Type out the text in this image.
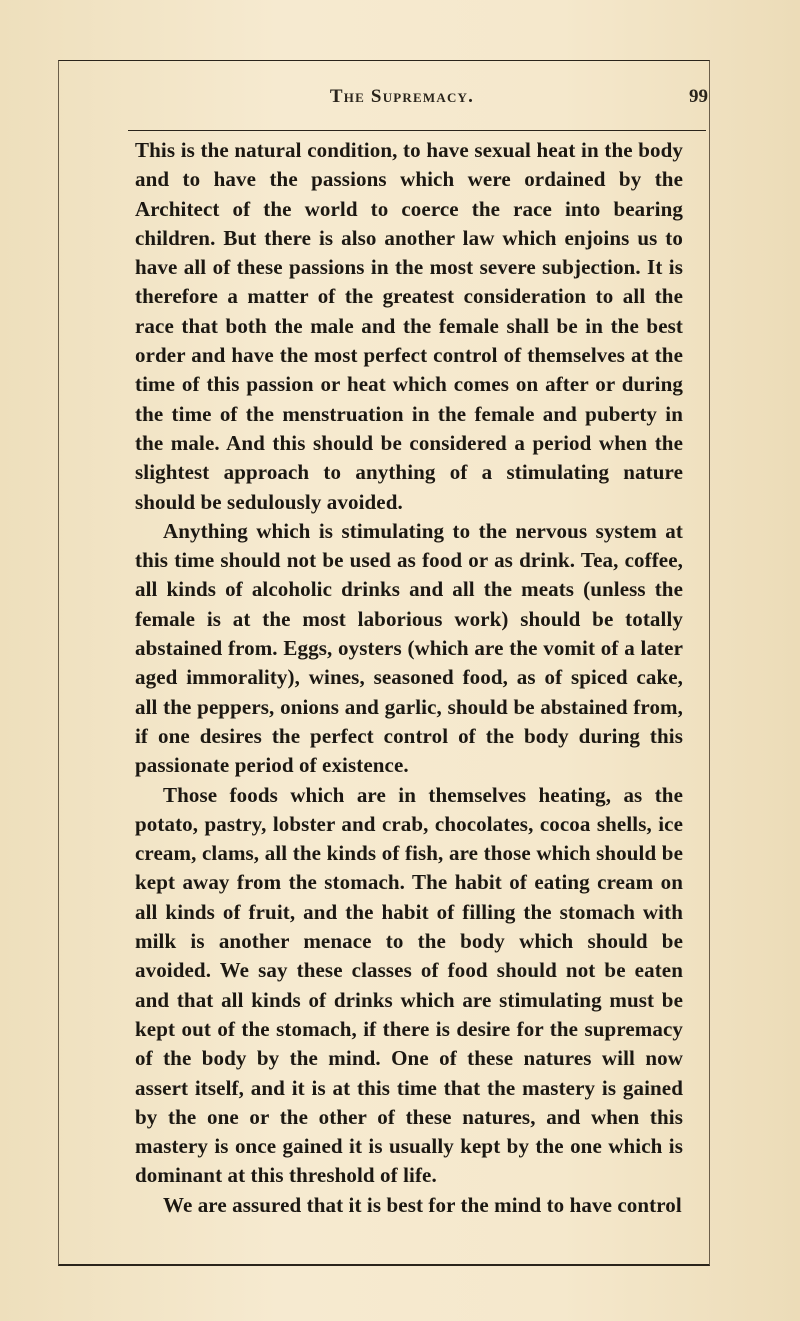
The Supremacy.	99

This is the natural condition, to have sexual heat in the body and to have the passions which were ordained by the Architect of the world to coerce the race into bearing children. But there is also another law which enjoins us to have all of these passions in the most severe subjection. It is therefore a matter of the greatest consideration to all the race that both the male and the female shall be in the best order and have the most perfect control of themselves at the time of this passion or heat which comes on after or during the time of the menstruation in the female and puberty in the male. And this should be considered a period when the slightest approach to anything of a stimulating nature should be sedulously avoided.

Anything which is stimulating to the nervous system at this time should not be used as food or as drink. Tea, coffee, all kinds of alcoholic drinks and all the meats (unless the female is at the most laborious work) should be totally abstained from. Eggs, oysters (which are the vomit of a later aged immorality), wines, seasoned food, as of spiced cake, all the peppers, onions and garlic, should be abstained from, if one desires the perfect control of the body during this passionate period of existence.

Those foods which are in themselves heating, as the potato, pastry, lobster and crab, chocolates, cocoa shells, ice cream, clams, all the kinds of fish, are those which should be kept away from the stomach. The habit of eating cream on all kinds of fruit, and the habit of filling the stomach with milk is another menace to the body which should be avoided. We say these classes of food should not be eaten and that all kinds of drinks which are stimulating must be kept out of the stomach, if there is desire for the supremacy of the body by the mind. One of these natures will now assert itself, and it is at this time that the mastery is gained by the one or the other of these natures, and when this mastery is once gained it is usually kept by the one which is dominant at this threshold of life.

We are assured that it is best for the mind to have control
